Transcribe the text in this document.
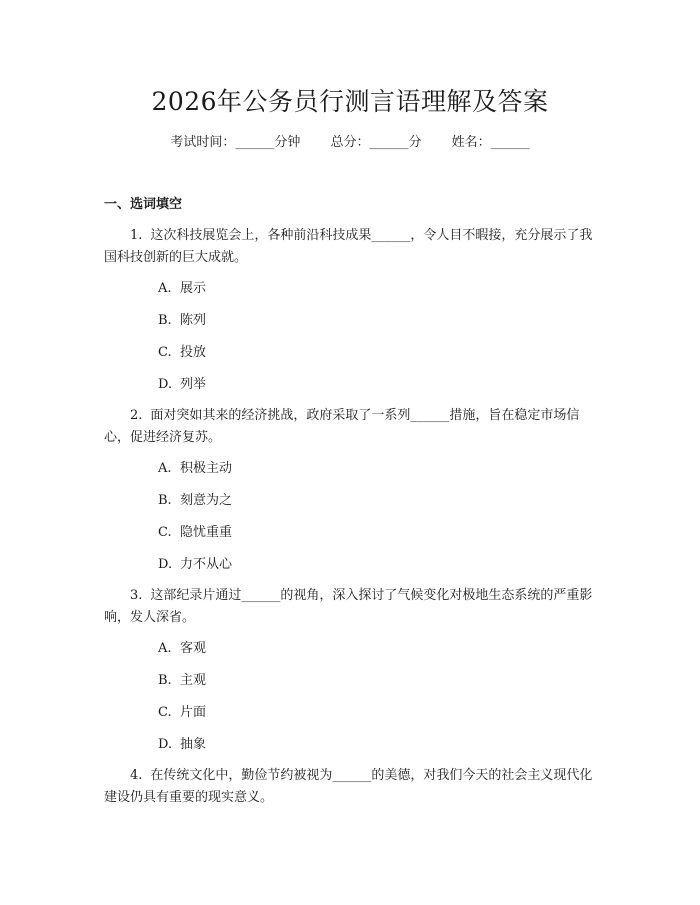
2026年公务员行测言语理解及答案
考试时间：______分钟 总分：______分 姓名：______
一、选词填空

1. 这次科技展览会上，各种前沿科技成果______，令人目不暇接，充分展示了我国科技创新的巨大成就。

A. 展示
B. 陈列
C. 投放
D. 列举

2. 面对突如其来的经济挑战，政府采取了一系列______措施，旨在稳定市场信心，促进经济复苏。

A. 积极主动
B. 刻意为之
C. 隐忧重重
D. 力不从心

3. 这部纪录片通过______的视角，深入探讨了气候变化对极地生态系统的严重影响，发人深省。

A. 客观
B. 主观
C. 片面
D. 抽象

4. 在传统文化中，勤俭节约被视为______的美德，对我们今天的社会主义现代化建设仍具有重要的现实意义。
